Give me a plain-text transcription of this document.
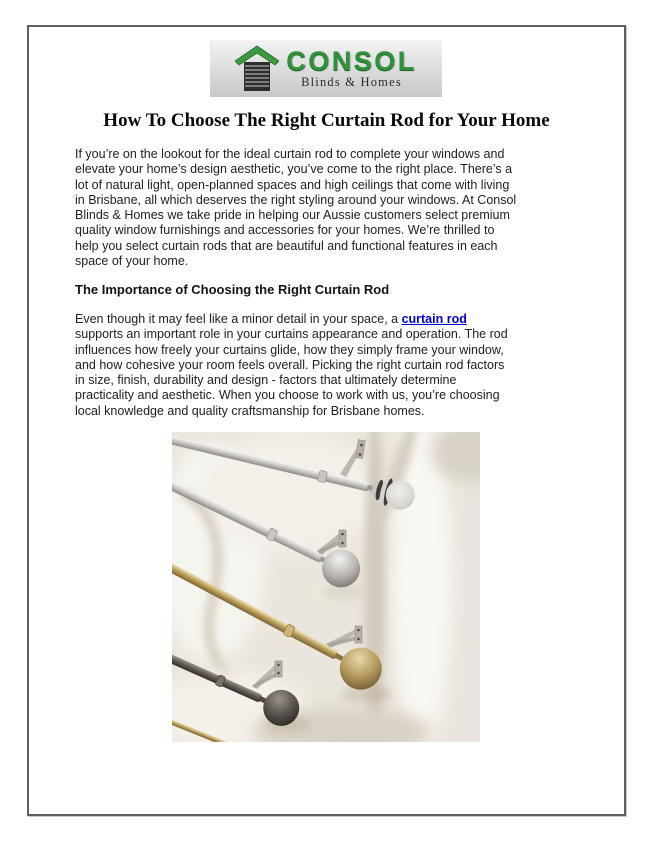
CONSOL
Blinds & Homes
How To Choose The Right Curtain Rod for Your Home
If you’re on the lookout for the ideal curtain rod to complete your windows and
elevate your home’s design aesthetic, you’ve come to the right place. There’s a
lot of natural light, open-planned spaces and high ceilings that come with living
in Brisbane, all which deserves the right styling around your windows. At Consol
Blinds & Homes we take pride in helping our Aussie customers select premium
quality window furnishings and accessories for your homes. We’re thrilled to
help you select curtain rods that are beautiful and functional features in each
space of your home.
The Importance of Choosing the Right Curtain Rod
Even though it may feel like a minor detail in your space, a curtain rod
supports an important role in your curtains appearance and operation. The rod
influences how freely your curtains glide, how they simply frame your window,
and how cohesive your room feels overall. Picking the right curtain rod factors
in size, finish, durability and design - factors that ultimately determine
practicality and aesthetic. When you choose to work with us, you’re choosing
local knowledge and quality craftsmanship for Brisbane homes.
